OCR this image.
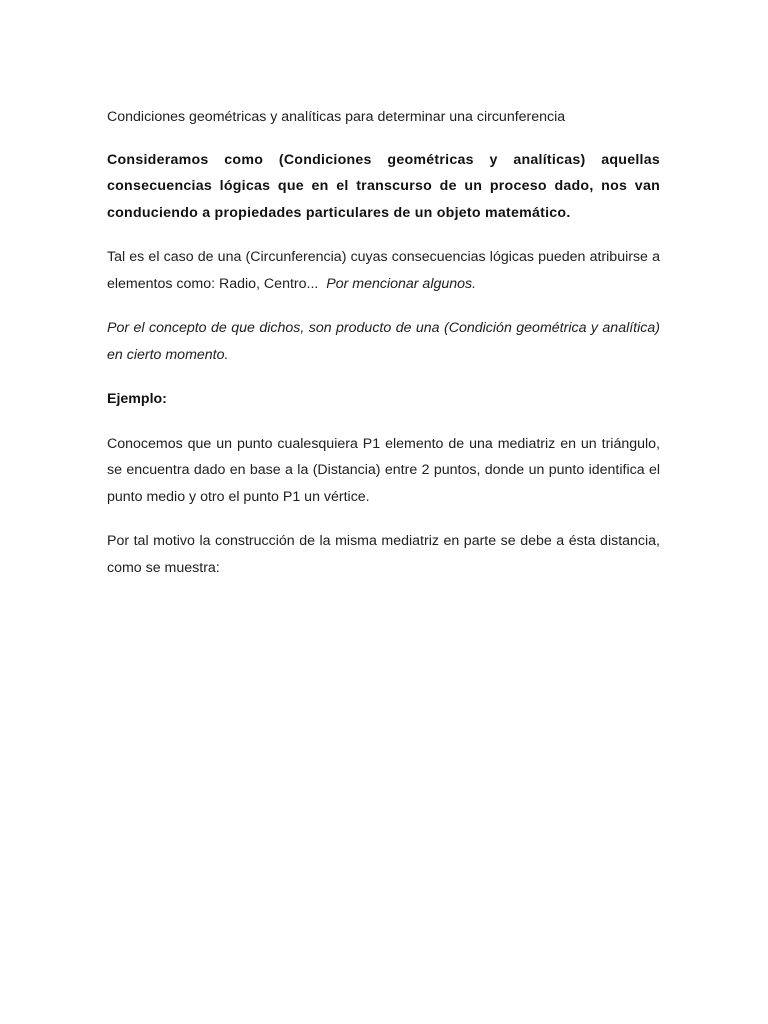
Condiciones geométricas y analíticas para determinar una circunferencia

Consideramos como (Condiciones geométricas y analíticas) aquellas consecuencias lógicas que en el transcurso de un proceso dado, nos van conduciendo a propiedades particulares de un objeto matemático.

Tal es el caso de una (Circunferencia) cuyas consecuencias lógicas pueden atribuirse a elementos como: Radio, Centro... Por mencionar algunos.

Por el concepto de que dichos, son producto de una (Condición geométrica y analítica) en cierto momento.

Ejemplo:

Conocemos que un punto cualesquiera P1 elemento de una mediatriz en un triángulo, se encuentra dado en base a la (Distancia) entre 2 puntos, donde un punto identifica el punto medio y otro el punto P1 un vértice.

Por tal motivo la construcción de la misma mediatriz en parte se debe a ésta distancia, como se muestra:
